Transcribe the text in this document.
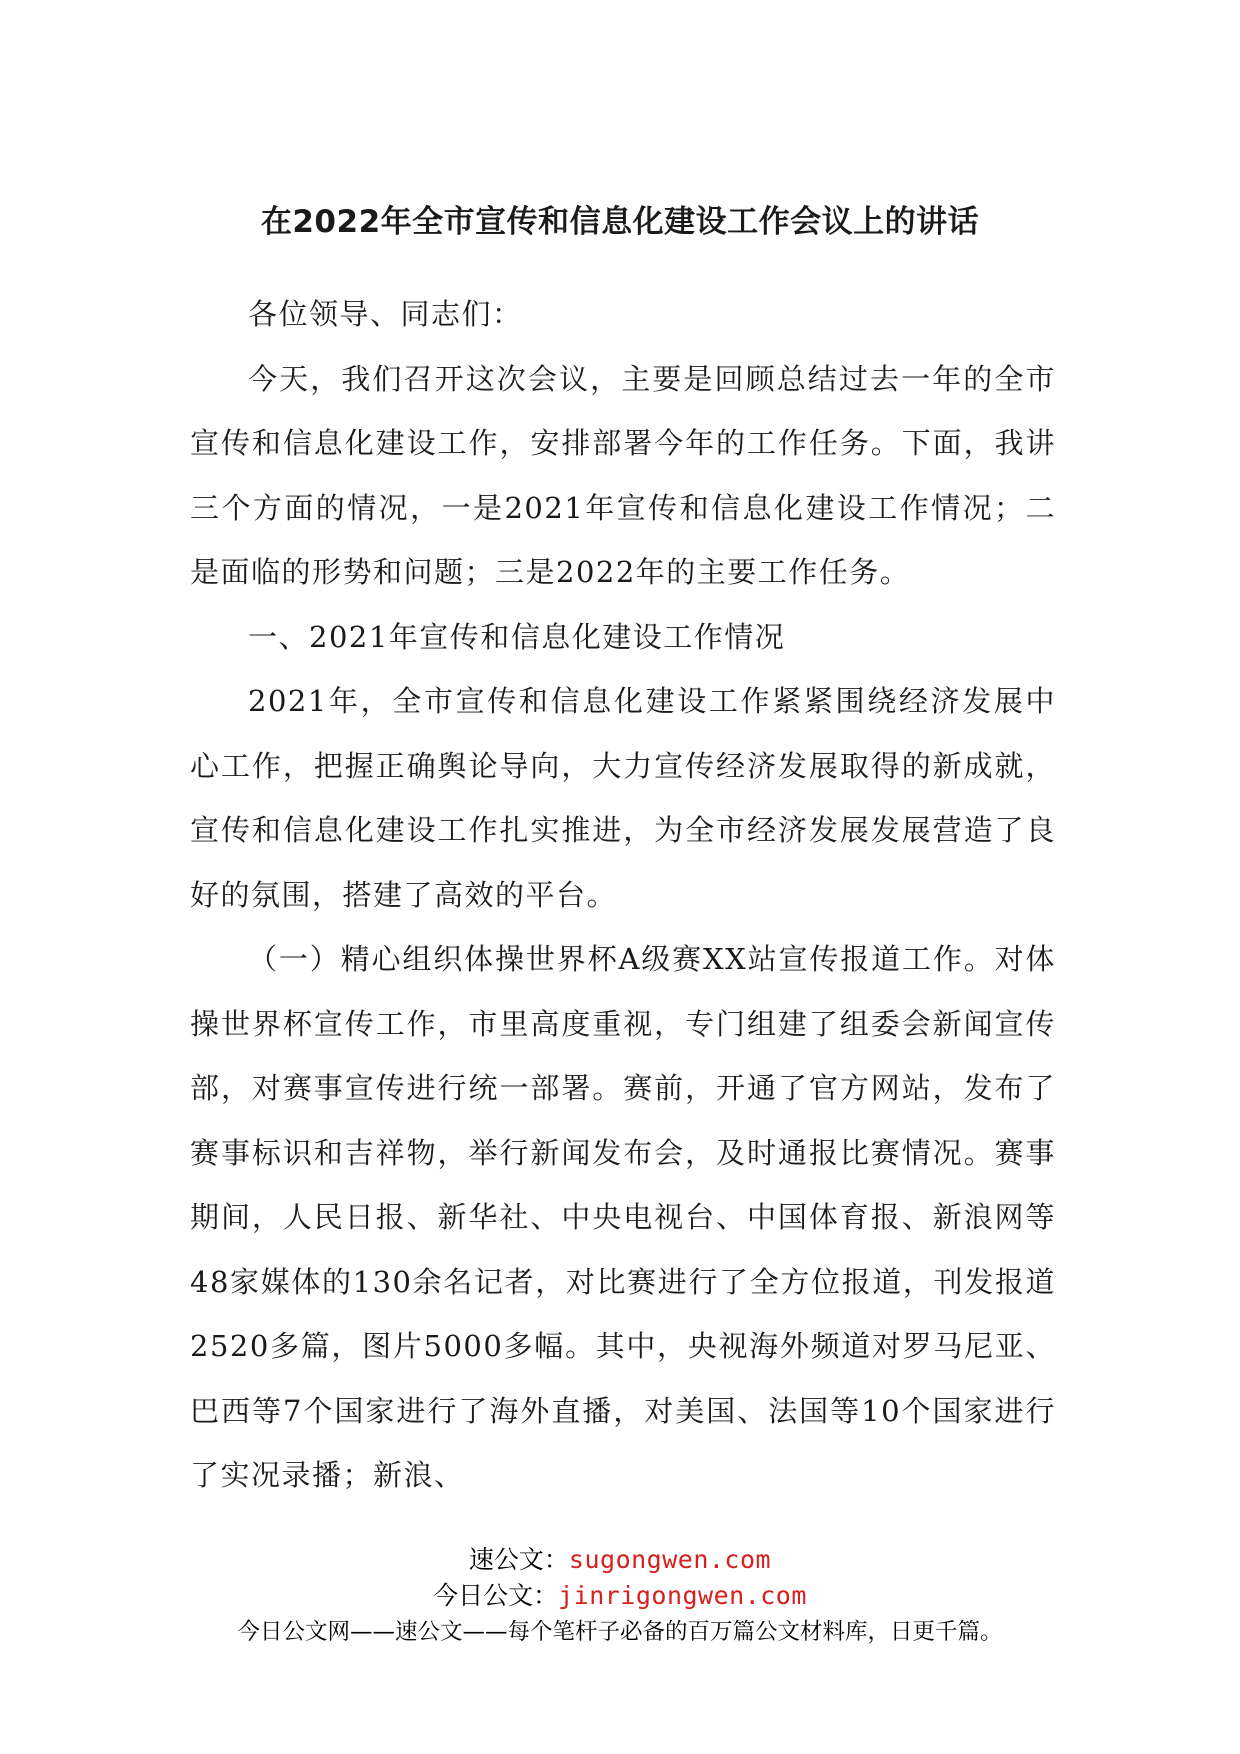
在2022年全市宣传和信息化建设工作会议上的讲话

各位领导、同志们：

今天，我们召开这次会议，主要是回顾总结过去一年的全市宣传和信息化建设工作，安排部署今年的工作任务。下面，我讲三个方面的情况，一是2021年宣传和信息化建设工作情况；二是面临的形势和问题；三是2022年的主要工作任务。

一、2021年宣传和信息化建设工作情况

2021年，全市宣传和信息化建设工作紧紧围绕经济发展中心工作，把握正确舆论导向，大力宣传经济发展取得的新成就，宣传和信息化建设工作扎实推进，为全市经济发展发展营造了良好的氛围，搭建了高效的平台。

（一）精心组织体操世界杯A级赛XX站宣传报道工作。对体操世界杯宣传工作，市里高度重视，专门组建了组委会新闻宣传部，对赛事宣传进行统一部署。赛前，开通了官方网站，发布了赛事标识和吉祥物，举行新闻发布会，及时通报比赛情况。赛事期间，人民日报、新华社、中央电视台、中国体育报、新浪网等48家媒体的130余名记者，对比赛进行了全方位报道，刊发报道2520多篇，图片5000多幅。其中，央视海外频道对罗马尼亚、巴西等7个国家进行了海外直播，对美国、法国等10个国家进行了实况录播；新浪、

速公文：sugongwen.com
今日公文：jinrigongwen.com
今日公文网——速公文——每个笔杆子必备的百万篇公文材料库，日更千篇。
